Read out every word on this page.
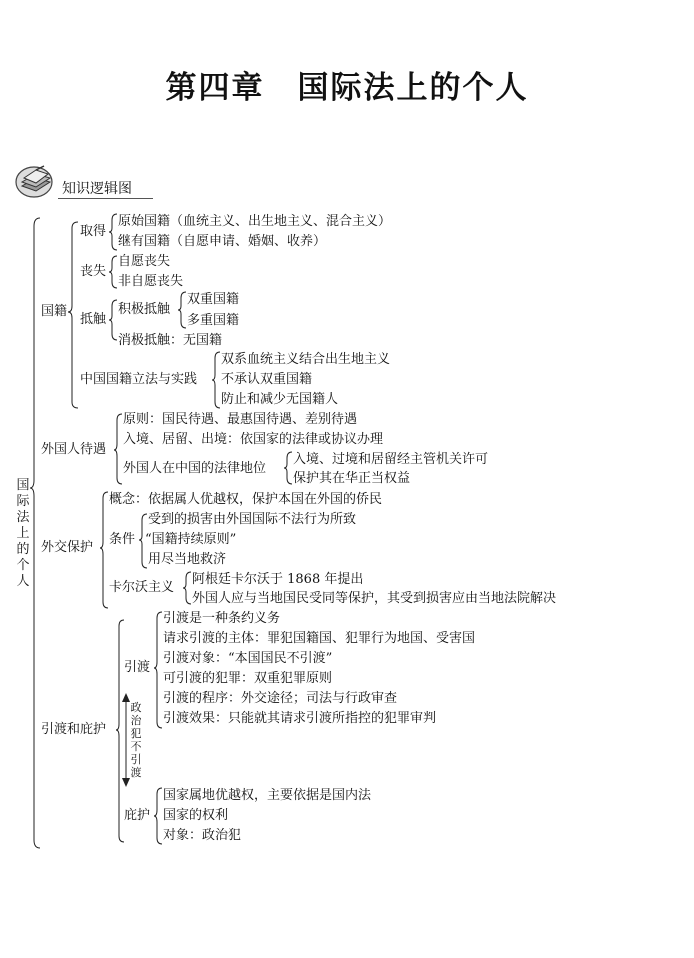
第四章　国际法上的个人
知识逻辑图
国际法上的个人
国籍
取得
原始国籍（血统主义、出生地主义、混合主义）
继有国籍（自愿申请、婚姻、收养）
丧失
自愿丧失
非自愿丧失
抵触
积极抵触
双重国籍
多重国籍
消极抵触：无国籍
中国国籍立法与实践
双系血统主义结合出生地主义
不承认双重国籍
防止和减少无国籍人
外国人待遇
原则：国民待遇、最惠国待遇、差别待遇
入境、居留、出境：依国家的法律或协议办理
外国人在中国的法律地位
入境、过境和居留经主管机关许可
保护其在华正当权益
外交保护
概念：依据属人优越权，保护本国在外国的侨民
条件
受到的损害由外国国际不法行为所致
“国籍持续原则”
用尽当地救济
卡尔沃主义
阿根廷卡尔沃于 1868 年提出
外国人应与当地国民受同等保护，其受到损害应由当地法院解决
引渡和庇护
引渡
引渡是一种条约义务
请求引渡的主体：罪犯国籍国、犯罪行为地国、受害国
引渡对象：“本国国民不引渡”
可引渡的犯罪：双重犯罪原则
引渡的程序：外交途径；司法与行政审查
引渡效果：只能就其请求引渡所指控的犯罪审判
政治犯不引渡
庇护
国家属地优越权，主要依据是国内法
国家的权利
对象：政治犯
